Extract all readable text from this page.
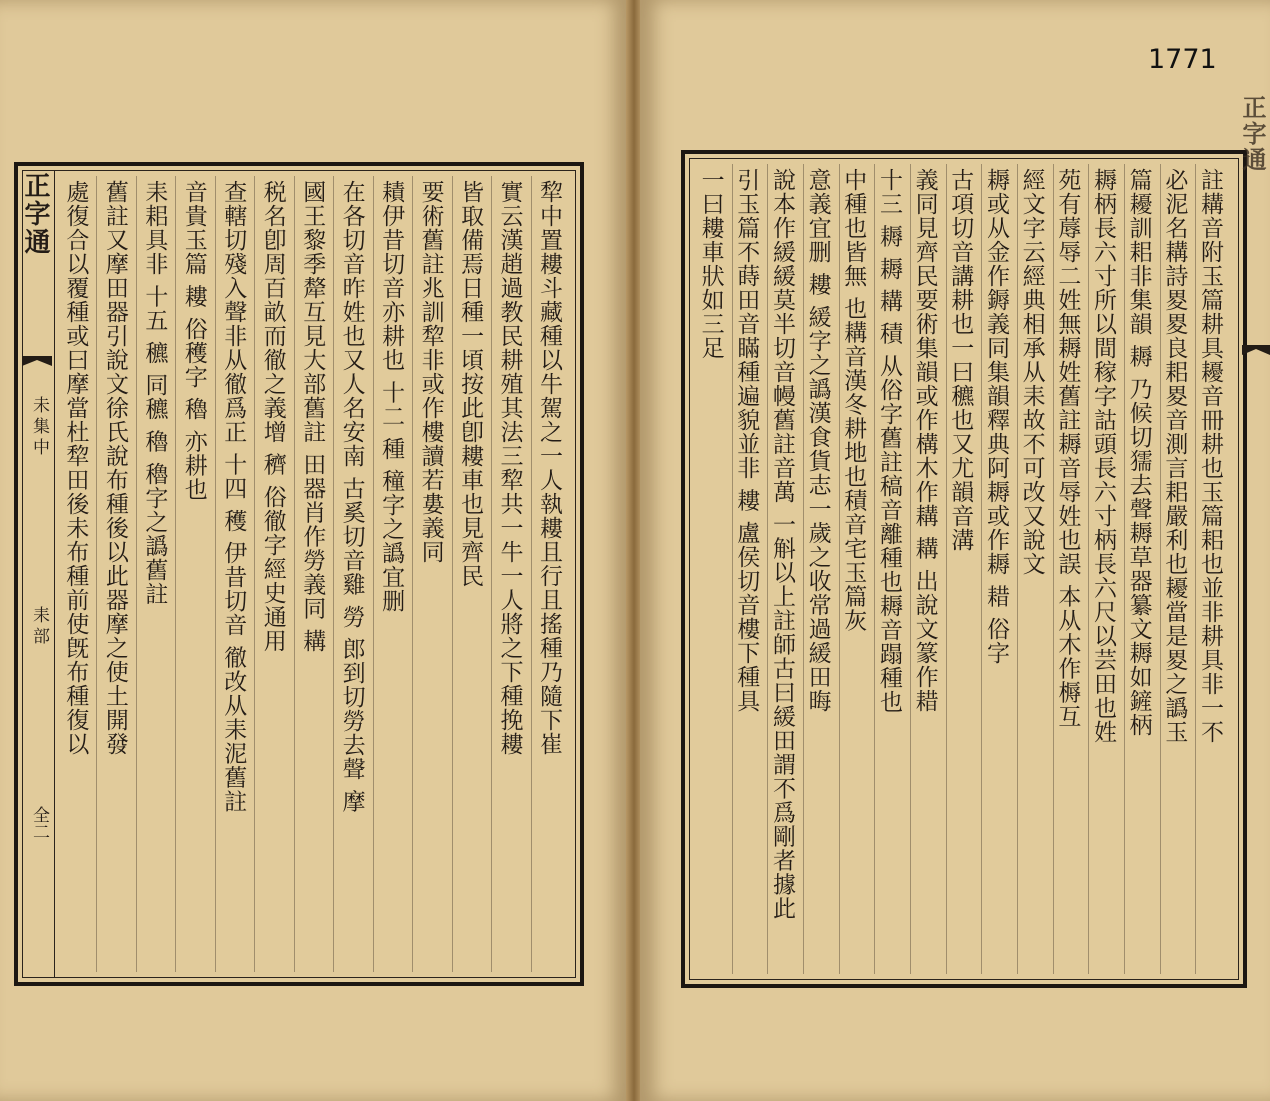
正字通
未集中
耒部
全二
犂中置耬斗藏種以牛駕之一人執耬且行且搖種乃隨下崔
實云漢趙過教民耕殖其法三犂共一牛一人將之下種挽耬
皆取備焉日種一頃按此卽耬車也見齊民
要術舊註兆訓犂非或作樓讀若婁義同
耫伊昔切音亦耕也 十二 種 穜字之譌宜删
在各切音昨姓也又人名安南 古奚切音雞 勞 郎到切勞去聲 摩
國王黎季犛互見大部舊註 田器肖作勞義同 耩
税名卽周百畝而徹之義增 穧 俗徹字經史通用
查轄切殘入聲非从徹爲正 十四 穫 伊昔切音 徹改从耒泥舊註
音貴玉篇 耬 俗穫字 穭 亦耕也
耒耜具非 十五 穮 同穮 穭 穭字之譌舊註
舊註又摩田器引說文徐氏說布種後以此器摩之使土開發
處復合以覆種或曰摩當杜犂田後未布種前使旣布種復以	註耩音附玉篇耕具耰音冊耕也玉篇耜也並非耕具非一不
必泥名耩詩畟畟良耜畟音測言耜嚴利也耰當是畟之譌玉
篇耰訓耜非集韻 耨 乃候切獳去聲耨草器纂文耨如鏟柄
耨柄長六寸所以間稼字詁頭長六寸柄長六尺以芸田也姓
苑有蓐辱二姓無耨姓舊註耨音辱姓也誤 本从木作槈互
經文字云經典相承从耒故不可改又說文
耨或从金作鎒義同集韻釋典阿耨或作耨 耤 俗字
古項切音講耕也一曰穮也又尤韻音溝
義同見齊民要術集韻或作構木作耩 耩 出說文篆作耤
十三 耨 耨 耩 積 从俗字舊註稿音離種也耨音蹋種也
中種也皆無 也耩音漢冬耕地也積音宅玉篇灰
意義宜删 耬 緩字之譌漢食貨志一歲之收常過緩田晦
說本作緩緩莫半切音幔舊註音萬 一斛以上註師古曰緩田謂不爲剛者據此
引玉篇不蒔田音瞞種遍貌並非 耬 盧侯切音樓下種具
一曰耬車狀如三足
正字通
1771
